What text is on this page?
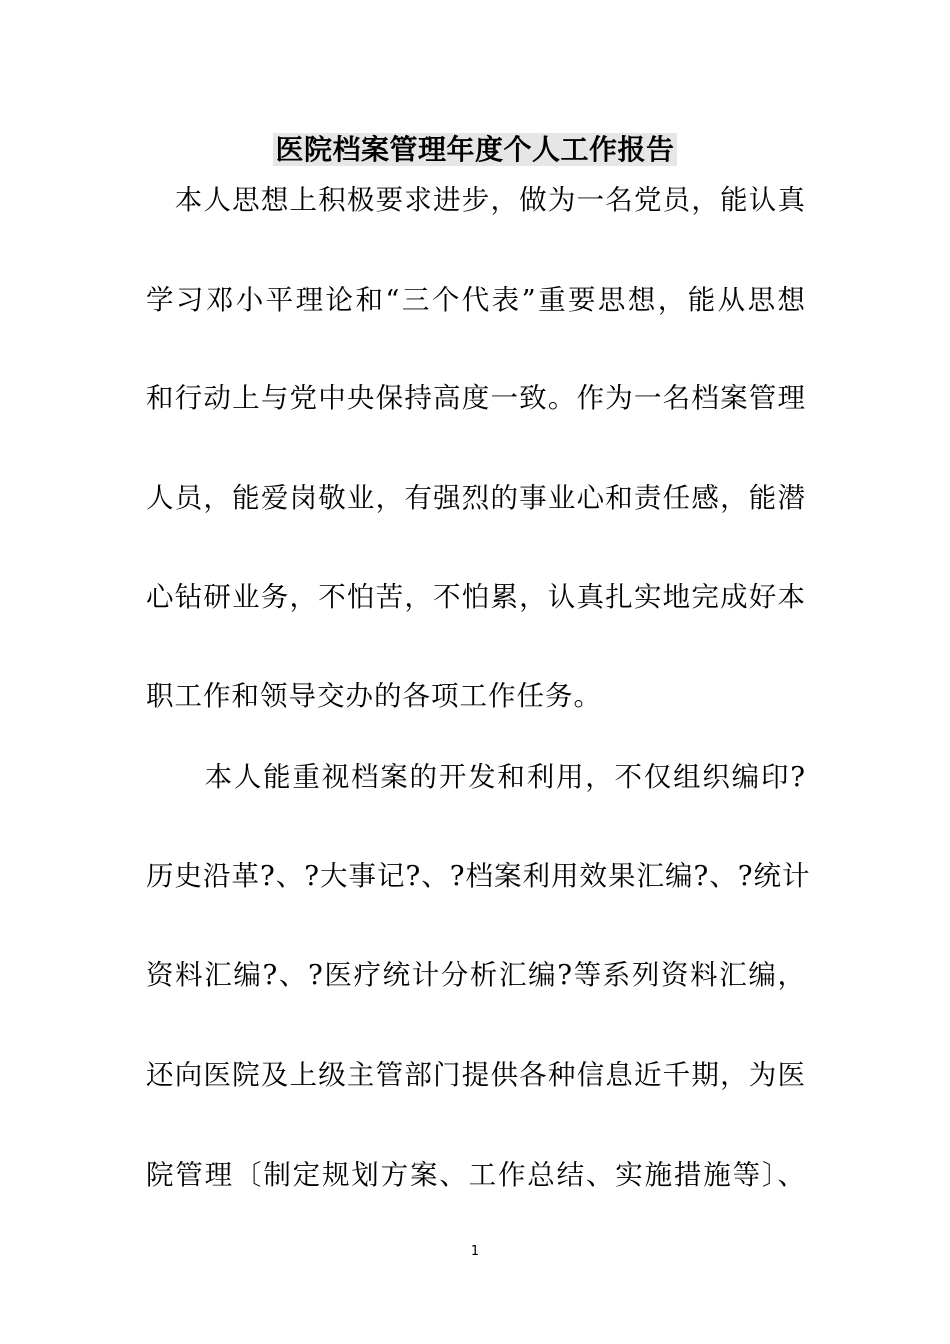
医院档案管理年度个人工作报告
　本人思想上积极要求进步，做为一名党员，能认真
学习邓小平理论和“三个代表”重要思想，能从思想
和行动上与党中央保持高度一致。作为一名档案管理
人员，能爱岗敬业，有强烈的事业心和责任感，能潜
心钻研业务，不怕苦，不怕累，认真扎实地完成好本
职工作和领导交办的各项工作任务。
　　本人能重视档案的开发和利用，不仅组织编印?
历史沿革?、?大事记?、?档案利用效果汇编?、?统计
资料汇编?、?医疗统计分析汇编?等系列资料汇编，
还向医院及上级主管部门提供各种信息近千期，为医
院管理〔制定规划方案、工作总结、实施措施等〕、
1
